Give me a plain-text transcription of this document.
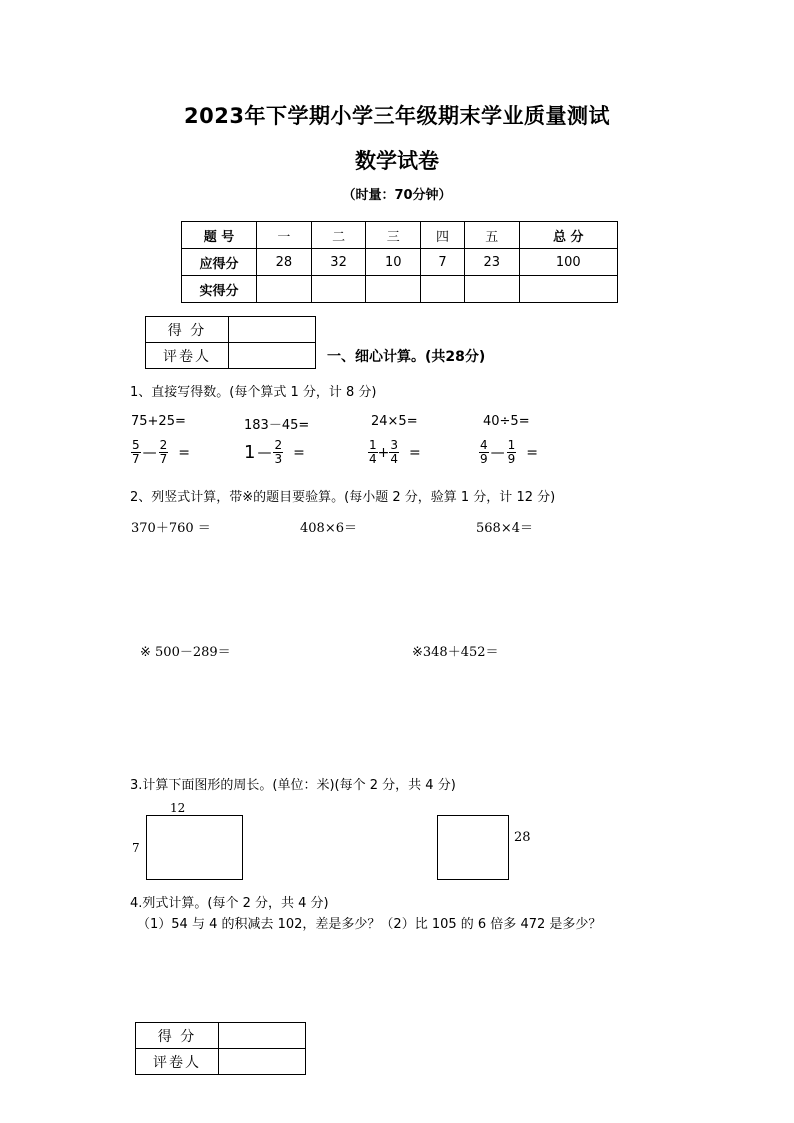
2023年下学期小学三年级期末学业质量测试
数学试卷
（时量：70分钟）
题 号	一	二	三	四	五	总 分
应得分	28	32	10	7	23	100
实得分						
得 分	
评卷人		一、细心计算。(共28分)
1、直接写得数。(每个算式 1 分，计 8 分)
75+25=	183－45=	24×5=	40÷5=
$\frac{5}{7}$ — $\frac{2}{7}$ =	1 — $\frac{2}{3}$ =	$\frac{1}{4} + \frac{3}{4}$ =	$\frac{4}{9}$ — $\frac{1}{9}$ =
2、列竖式计算，带※的题目要验算。(每小题 2 分，验算 1 分，计 12 分)
370＋760 ＝	408×6＝	568×4＝
※ 500－289＝	※348＋452＝
3.计算下面图形的周长。(单位：米)(每个 2 分，共 4 分)
12
7
28
4.列式计算。(每个 2 分，共 4 分)
（1）54 与 4 的积减去 102，差是多少？（2）比 105 的 6 倍多 472 是多少？
得 分	
评卷人	
